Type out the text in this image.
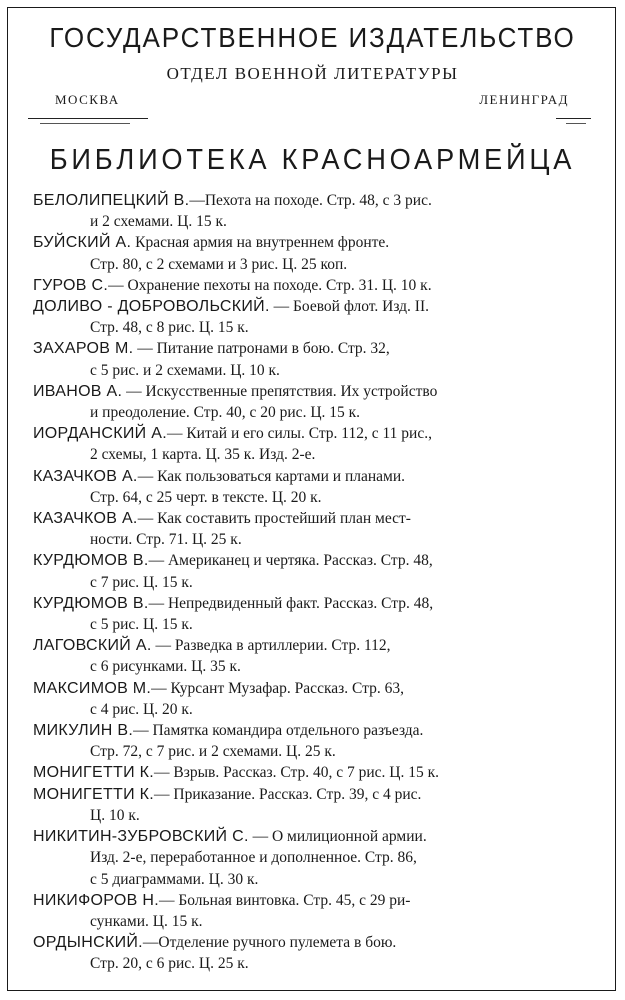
ГОСУДАРСТВЕННОЕ ИЗДАТЕЛЬСТВО
ОТДЕЛ ВОЕННОЙ ЛИТЕРАТУРЫ
МОСКВА	ЛЕНИНГРАД
БИБЛИОТЕКА КРАСНОАРМЕЙЦА
БЕЛОЛИПЕЦКИЙ В.—Пехота на походе. Стр. 48, с 3 рис.
и 2 схемами. Ц. 15 к.
БУЙСКИЙ А. Красная армия на внутреннем фронте.
Стр. 80, с 2 схемами и 3 рис. Ц. 25 коп.
ГУРОВ С.— Охранение пехоты на походе. Стр. 31. Ц. 10 к.
ДОЛИВО - ДОБРОВОЛЬСКИЙ. — Боевой флот. Изд. II.
Стр. 48, с 8 рис. Ц. 15 к.
ЗАХАРОВ М. — Питание патронами в бою. Стр. 32,
с 5 рис. и 2 схемами. Ц. 10 к.
ИВАНОВ А. — Искусственные препятствия. Их устройство
и преодоление. Стр. 40, с 20 рис. Ц. 15 к.
ИОРДАНСКИЙ А.— Китай и его силы. Стр. 112, с 11 рис.,
2 схемы, 1 карта. Ц. 35 к. Изд. 2-е.
КАЗАЧКОВ А.— Как пользоваться картами и планами.
Стр. 64, с 25 черт. в тексте. Ц. 20 к.
КАЗАЧКОВ А.— Как составить простейший план мест-
ности. Стр. 71. Ц. 25 к.
КУРДЮМОВ В.— Американец и чертяка. Рассказ. Стр. 48,
с 7 рис. Ц. 15 к.
КУРДЮМОВ В.— Непредвиденный факт. Рассказ. Стр. 48,
с 5 рис. Ц. 15 к.
ЛАГОВСКИЙ А. — Разведка в артиллерии. Стр. 112,
с 6 рисунками. Ц. 35 к.
МАКСИМОВ М.— Курсант Музафар. Рассказ. Стр. 63,
с 4 рис. Ц. 20 к.
МИКУЛИН В.— Памятка командира отдельного разъезда.
Стр. 72, с 7 рис. и 2 схемами. Ц. 25 к.
МОНИГЕТТИ К.— Взрыв. Рассказ. Стр. 40, с 7 рис. Ц. 15 к.
МОНИГЕТТИ К.— Приказание. Рассказ. Стр. 39, с 4 рис.
Ц. 10 к.
НИКИТИН-ЗУБРОВСКИЙ С. — О милиционной армии.
Изд. 2-е, переработанное и дополненное. Стр. 86,
с 5 диаграммами. Ц. 30 к.
НИКИФОРОВ Н.— Больная винтовка. Стр. 45, с 29 ри-
сунками. Ц. 15 к.
ОРДЫНСКИЙ.—Отделение ручного пулемета в бою.
Стр. 20, с 6 рис. Ц. 25 к.
